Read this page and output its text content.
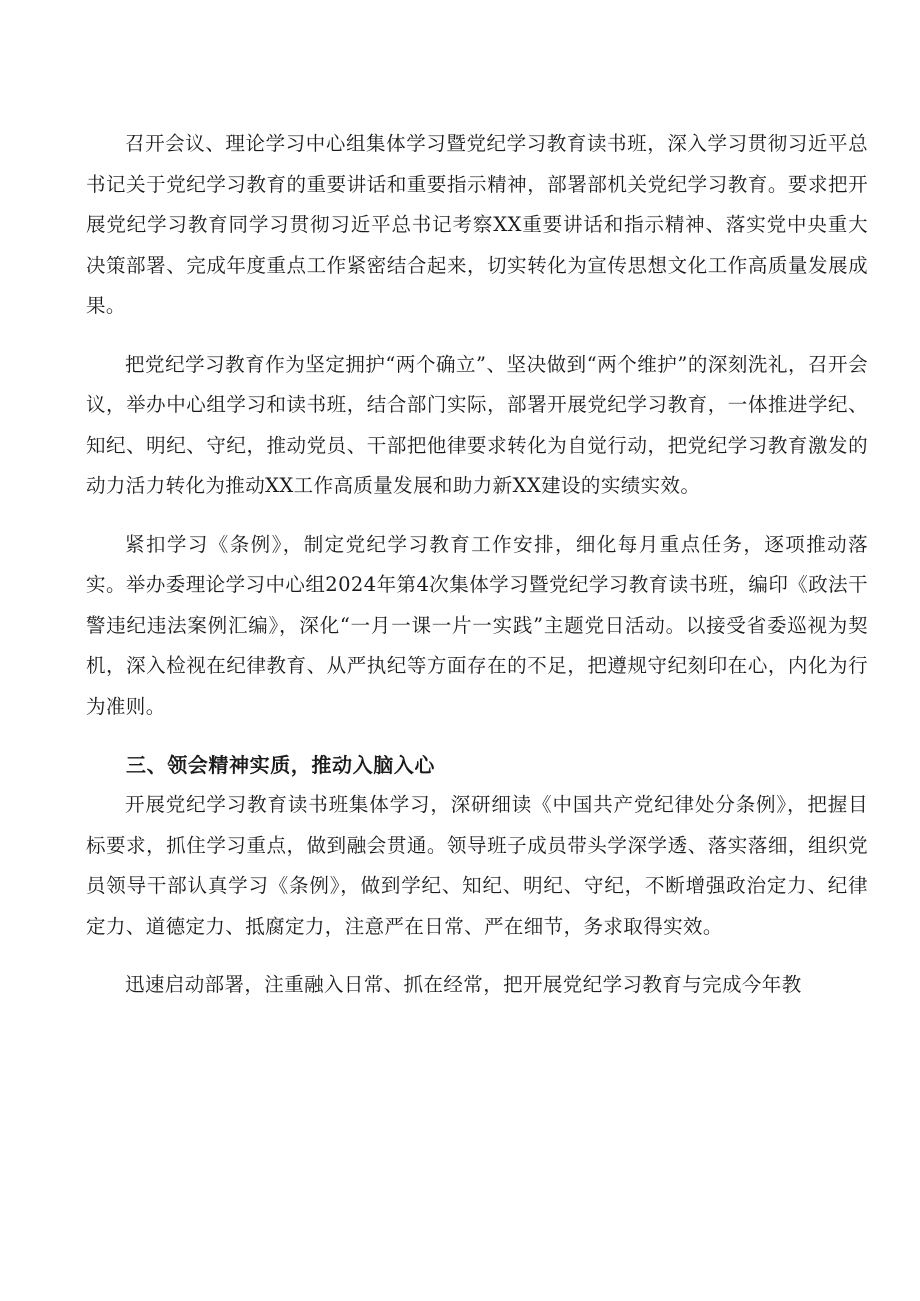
召开会议、理论学习中心组集体学习暨党纪学习教育读书班，深入学习贯彻习近平总书记关于党纪学习教育的重要讲话和重要指示精神，部署部机关党纪学习教育。要求把开展党纪学习教育同学习贯彻习近平总书记考察XX重要讲话和指示精神、落实党中央重大决策部署、完成年度重点工作紧密结合起来，切实转化为宣传思想文化工作高质量发展成果。

把党纪学习教育作为坚定拥护“两个确立”、坚决做到“两个维护”的深刻洗礼，召开会议，举办中心组学习和读书班，结合部门实际，部署开展党纪学习教育，一体推进学纪、知纪、明纪、守纪，推动党员、干部把他律要求转化为自觉行动，把党纪学习教育激发的动力活力转化为推动XX工作高质量发展和助力新XX建设的实绩实效。

紧扣学习《条例》，制定党纪学习教育工作安排，细化每月重点任务，逐项推动落实。举办委理论学习中心组2024年第4次集体学习暨党纪学习教育读书班，编印《政法干警违纪违法案例汇编》，深化“一月一课一片一实践”主题党日活动。以接受省委巡视为契机，深入检视在纪律教育、从严执纪等方面存在的不足，把遵规守纪刻印在心，内化为行为准则。

三、领会精神实质，推动入脑入心

开展党纪学习教育读书班集体学习，深研细读《中国共产党纪律处分条例》，把握目标要求，抓住学习重点，做到融会贯通。领导班子成员带头学深学透、落实落细，组织党员领导干部认真学习《条例》，做到学纪、知纪、明纪、守纪，不断增强政治定力、纪律定力、道德定力、抵腐定力，注意严在日常、严在细节，务求取得实效。

迅速启动部署，注重融入日常、抓在经常，把开展党纪学习教育与完成今年教
